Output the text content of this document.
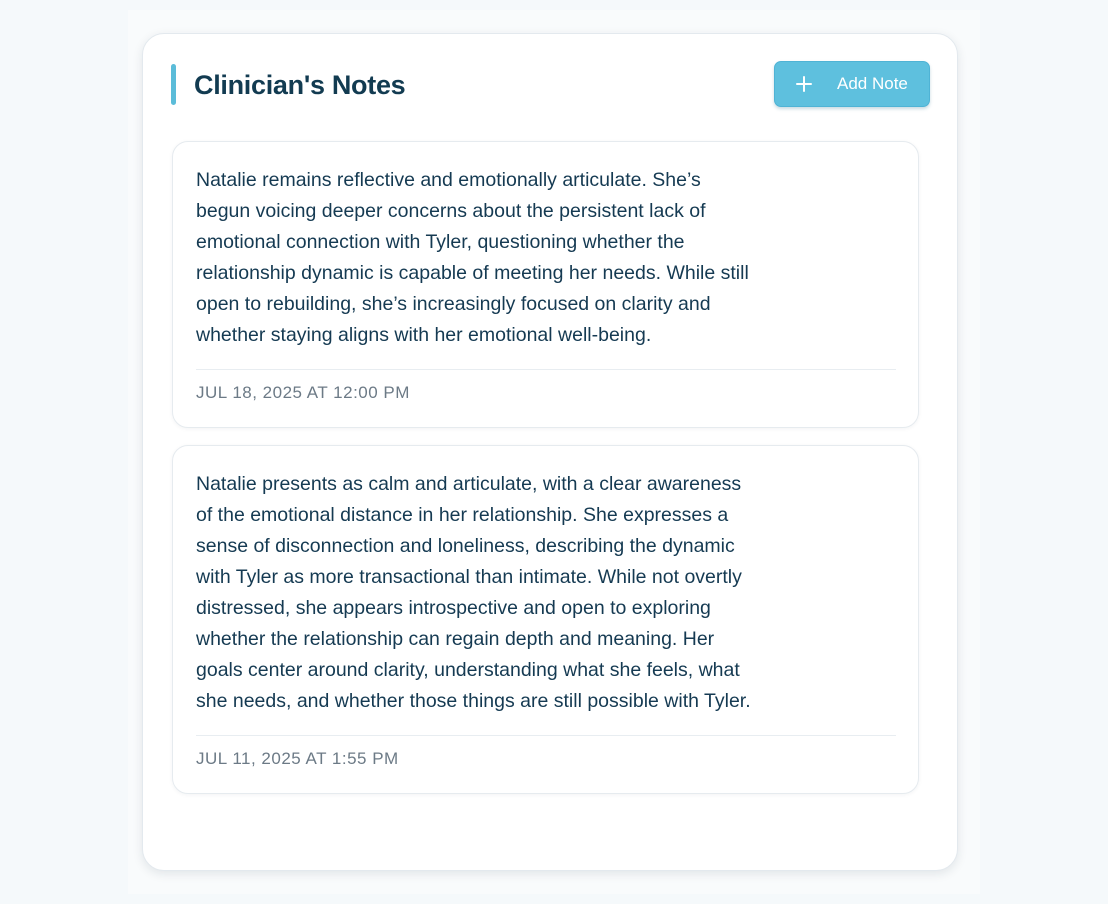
Clinician's Notes	Add Note

Natalie remains reflective and emotionally articulate. She’s
begun voicing deeper concerns about the persistent lack of
emotional connection with Tyler, questioning whether the
relationship dynamic is capable of meeting her needs. While still
open to rebuilding, she’s increasingly focused on clarity and
whether staying aligns with her emotional well-being.

JUL 18, 2025 AT 12:00 PM

Natalie presents as calm and articulate, with a clear awareness
of the emotional distance in her relationship. She expresses a
sense of disconnection and loneliness, describing the dynamic
with Tyler as more transactional than intimate. While not overtly
distressed, she appears introspective and open to exploring
whether the relationship can regain depth and meaning. Her
goals center around clarity, understanding what she feels, what
she needs, and whether those things are still possible with Tyler.

JUL 11, 2025 AT 1:55 PM
